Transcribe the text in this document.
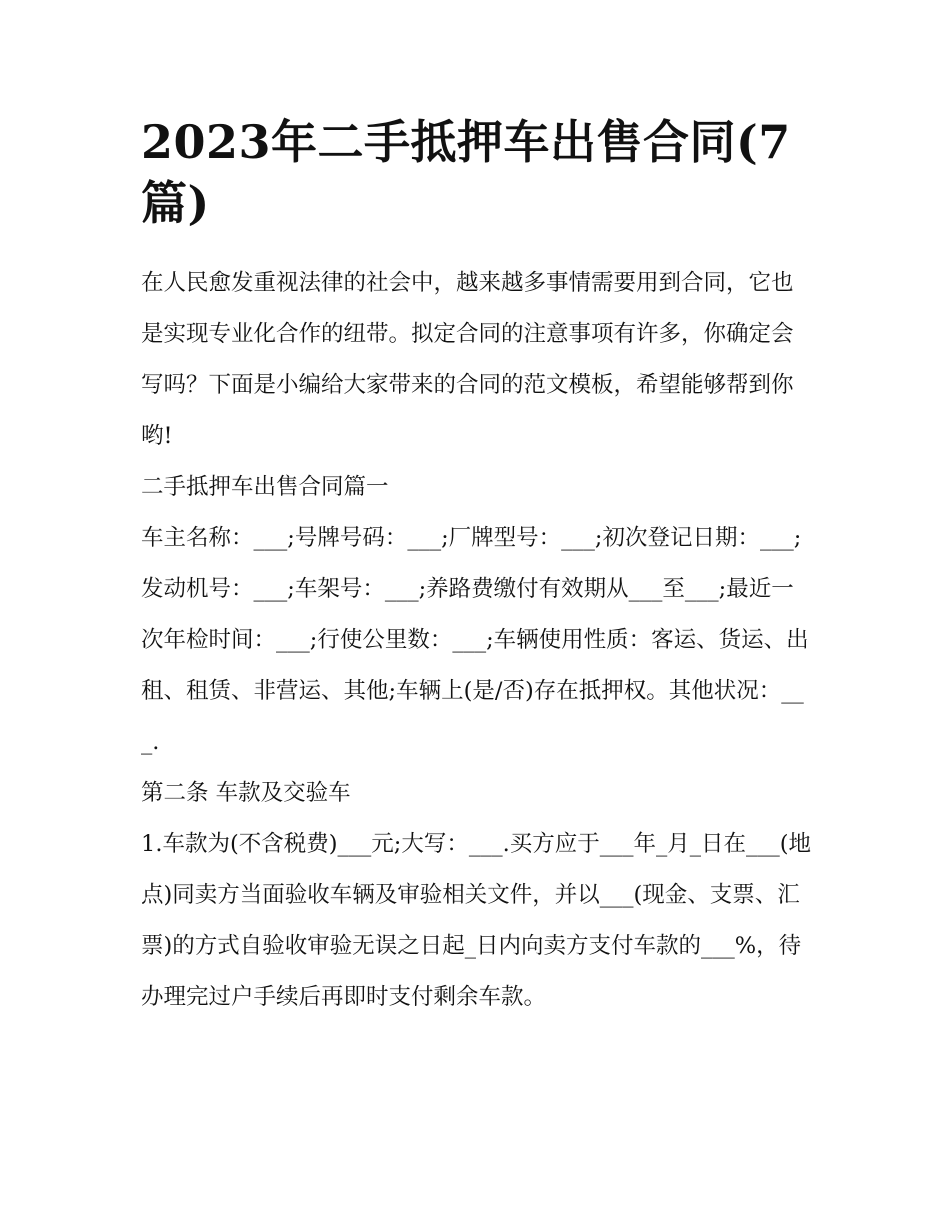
2023年二手抵押车出售合同(7篇)

在人民愈发重视法律的社会中，越来越多事情需要用到合同，它也是实现专业化合作的纽带。拟定合同的注意事项有许多，你确定会写吗？下面是小编给大家带来的合同的范文模板，希望能够帮到你哟!

二手抵押车出售合同篇一

车主名称：___;号牌号码：___;厂牌型号：___;初次登记日期：___;发动机号：___;车架号：___;养路费缴付有效期从___至___;最近一次年检时间：___;行使公里数：___;车辆使用性质：客运、货运、出租、租赁、非营运、其他;车辆上(是/否)存在抵押权。其他状况：___.

第二条 车款及交验车

1.车款为(不含税费)___元;大写：___.买方应于___年_月_日在___(地点)同卖方当面验收车辆及审验相关文件，并以___(现金、支票、汇票)的方式自验收审验无误之日起_日内向卖方支付车款的___%，待办理完过户手续后再即时支付剩余车款。
